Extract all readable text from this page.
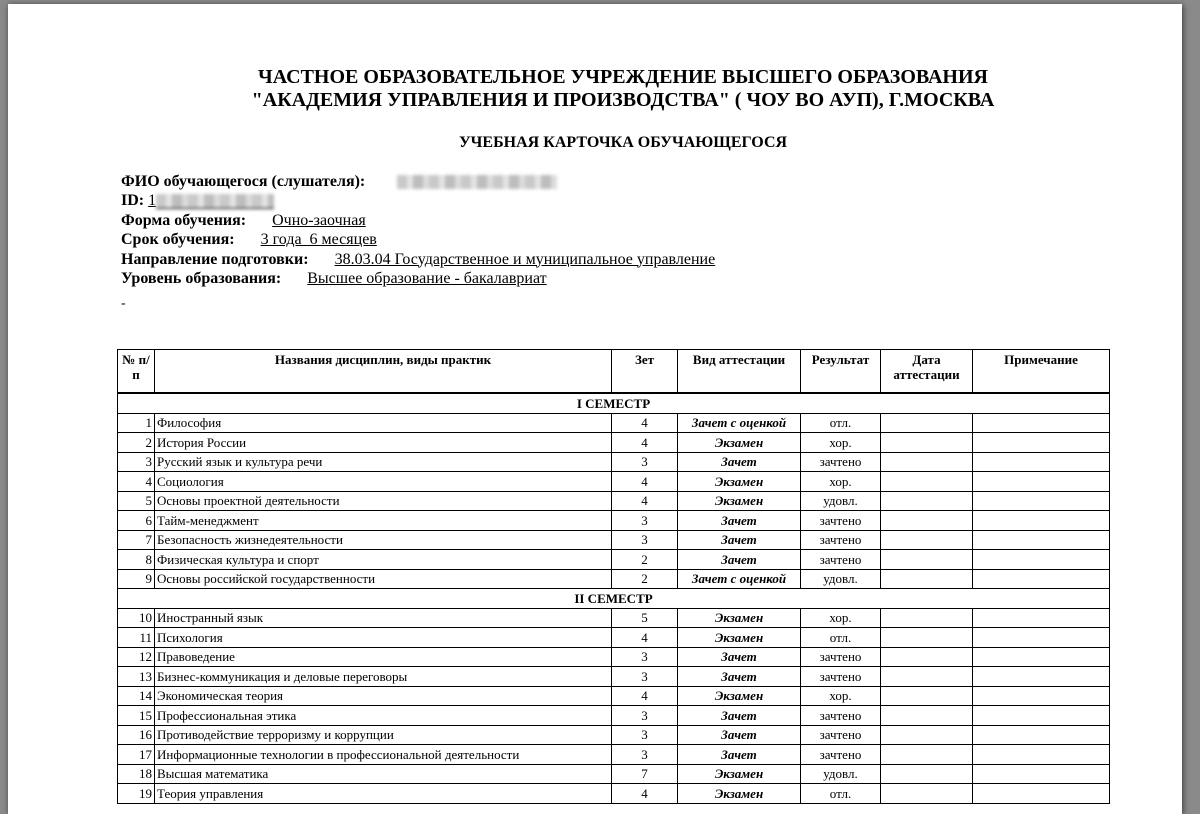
ЧАСТНОЕ ОБРАЗОВАТЕЛЬНОЕ УЧРЕЖДЕНИЕ ВЫСШЕГО ОБРАЗОВАНИЯ
"АКАДЕМИЯ УПРАВЛЕНИЯ И ПРОИЗВОДСТВА" ( ЧОУ ВО АУП), Г.МОСКВА
УЧЕБНАЯ КАРТОЧКА ОБУЧАЮЩЕГОСЯ
ФИО обучающегося (слушателя):
ID: 1
Форма обучения: Очно-заочная
Срок обучения: 3 года  6 месяцев
Направление подготовки: 38.03.04 Государственное и муниципальное управление
Уровень образования: Высшее образование - бакалавриат
-
№ п/п	Названия дисциплин, виды практик	Зет	Вид аттестации	Результат	Дата аттестации	Примечание
I СЕМЕСТР						
1	Философия	4	Зачет с оценкой	отл.		
2	История России	4	Экзамен	хор.		
3	Русский язык и культура речи	3	Зачет	зачтено		
4	Социология	4	Экзамен	хор.		
5	Основы проектной деятельности	4	Экзамен	удовл.		
6	Тайм-менеджмент	3	Зачет	зачтено		
7	Безопасность жизнедеятельности	3	Зачет	зачтено		
8	Физическая культура и спорт	2	Зачет	зачтено		
9	Основы российской государственности	2	Зачет с оценкой	удовл.		
II СЕМЕСТР						
10	Иностранный язык	5	Экзамен	хор.		
11	Психология	4	Экзамен	отл.		
12	Правоведение	3	Зачет	зачтено		
13	Бизнес-коммуникация и деловые переговоры	3	Зачет	зачтено		
14	Экономическая теория	4	Экзамен	хор.		
15	Профессиональная этика	3	Зачет	зачтено		
16	Противодействие терроризму и коррупции	3	Зачет	зачтено		
17	Информационные технологии в профессиональной деятельности	3	Зачет	зачтено		
18	Высшая математика	7	Экзамен	удовл.		
19	Теория управления	4	Экзамен	отл.		
